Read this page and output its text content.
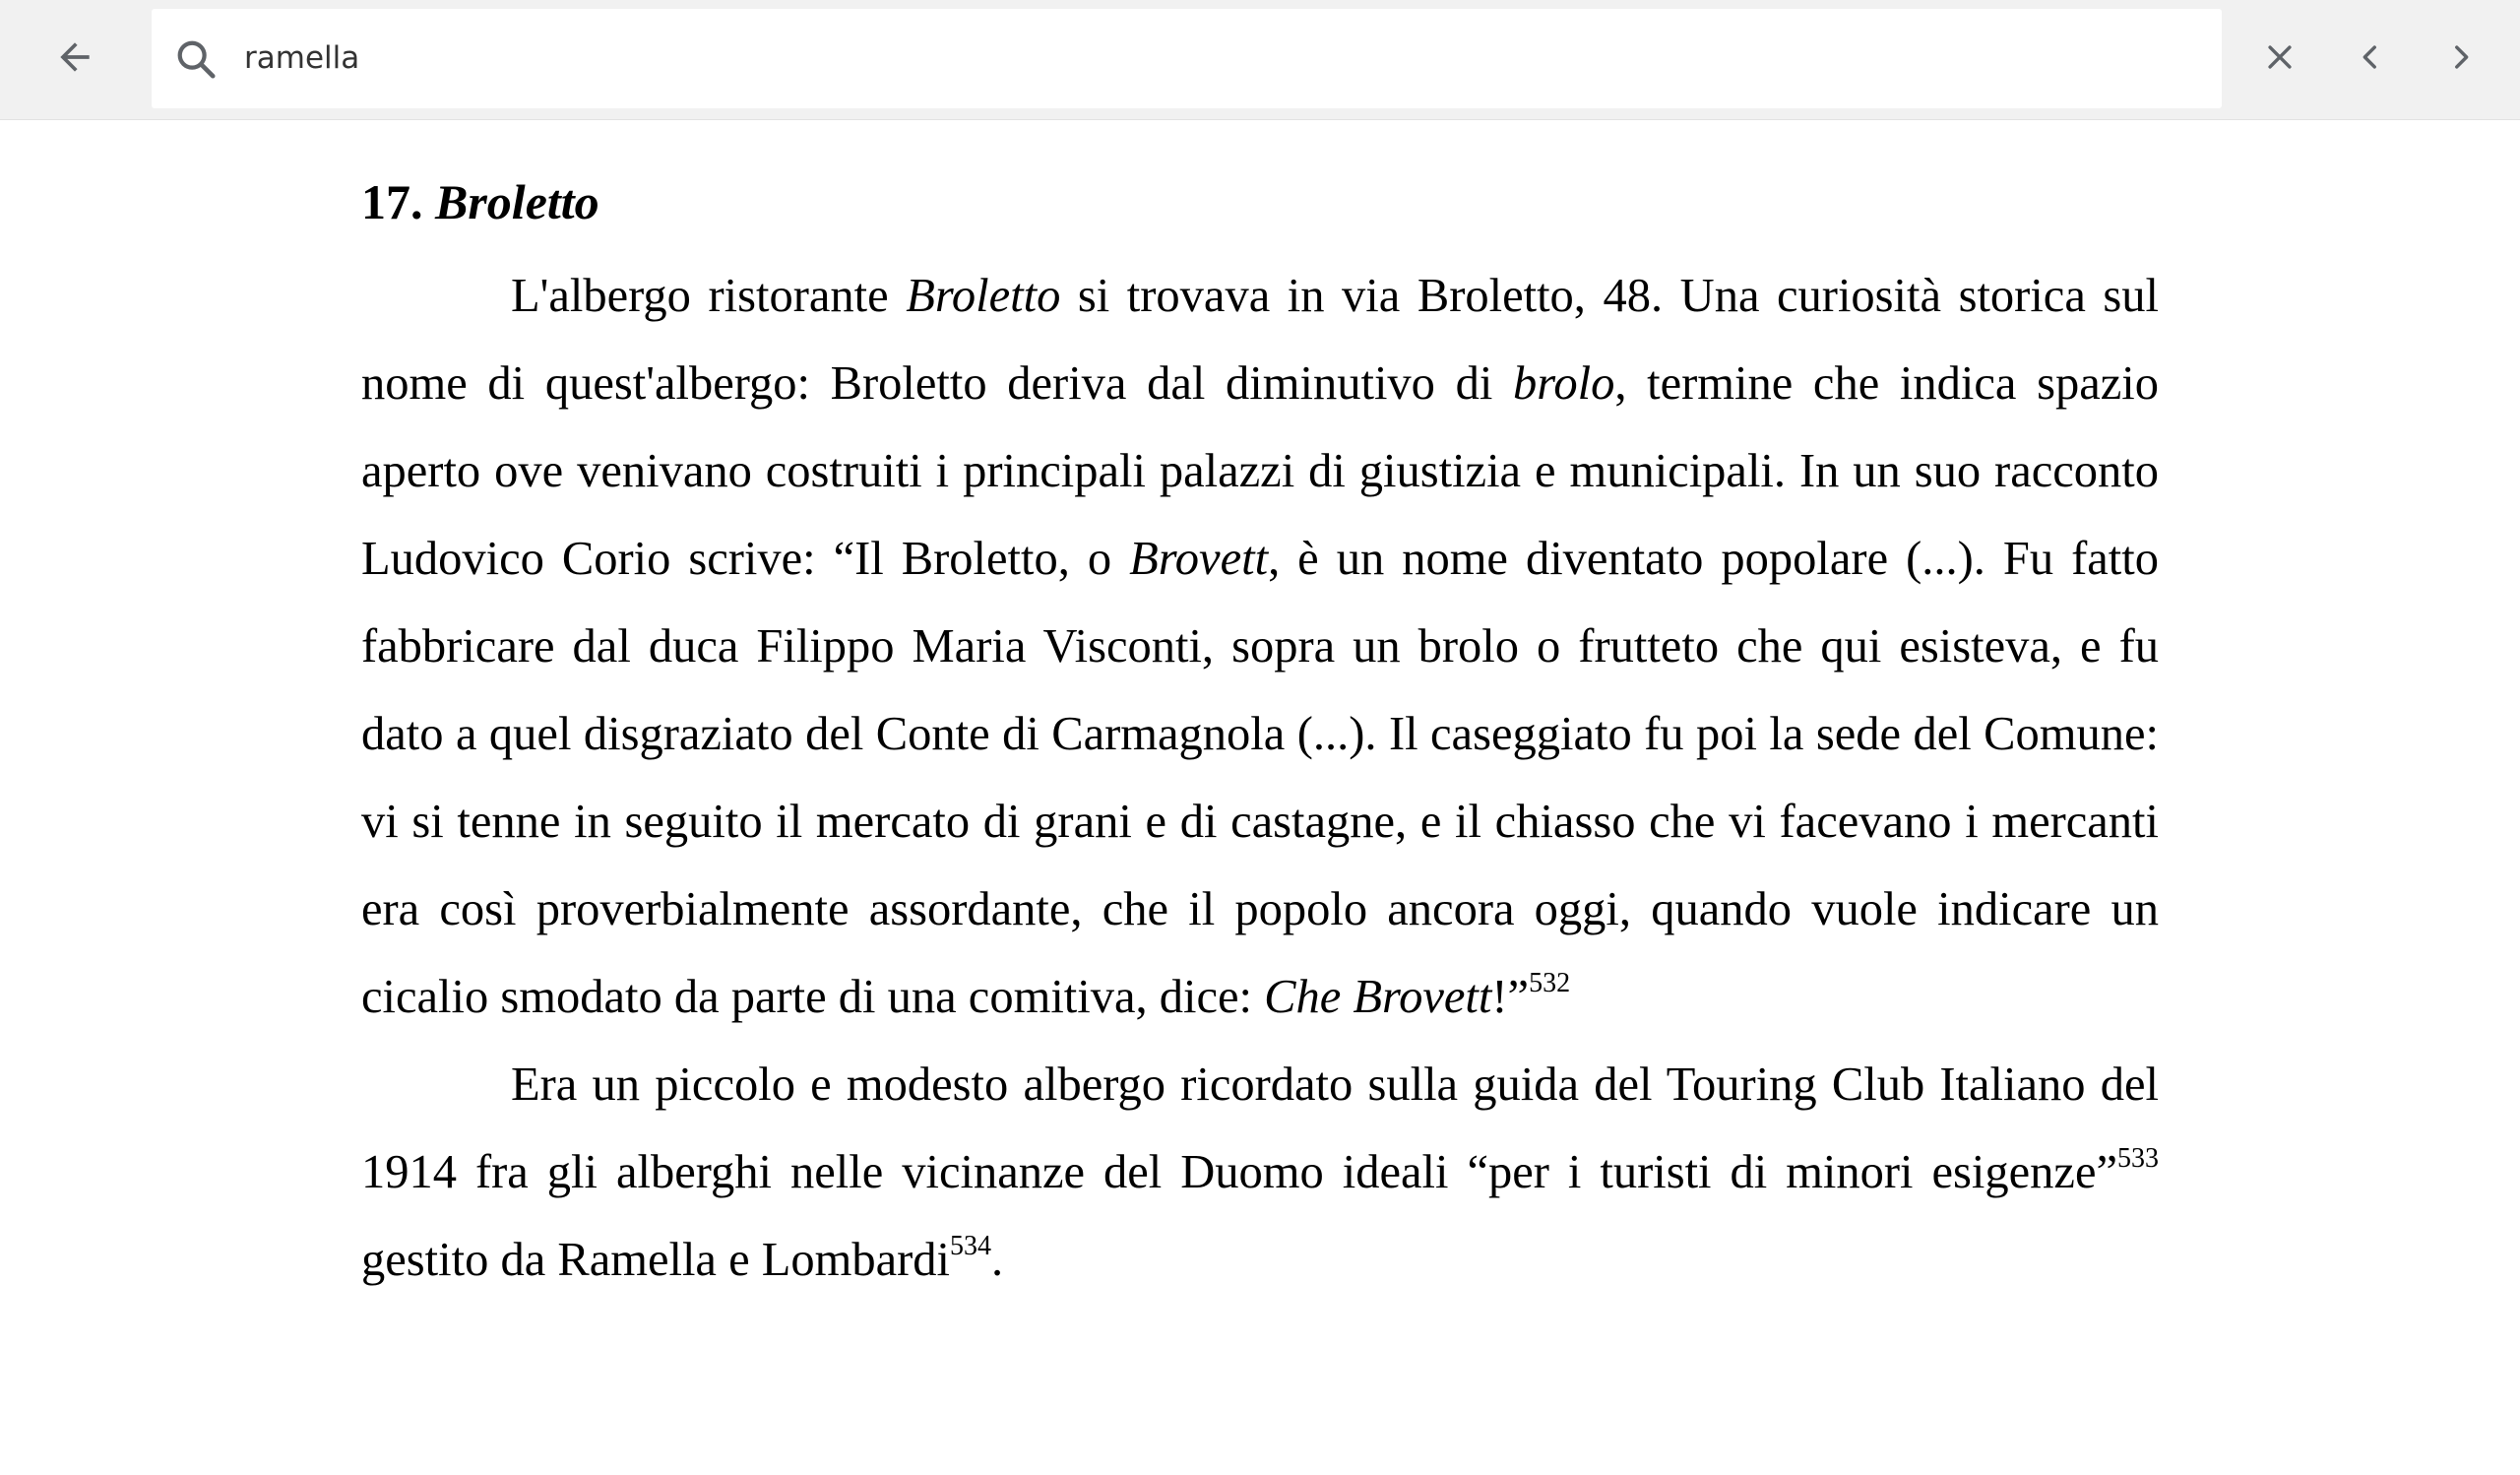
ramella
17. Broletto

L'albergo ristorante Broletto si trovava in via Broletto, 48. Una curiosità storica sul nome di quest'albergo: Broletto deriva dal diminutivo di brolo, termine che indica spazio aperto ove venivano costruiti i principali palazzi di giustizia e municipali. In un suo racconto Ludovico Corio scrive: “Il Broletto, o Brovett, è un nome diventato popolare (...). Fu fatto fabbricare dal duca Filippo Maria Visconti, sopra un brolo o frutteto che qui esisteva, e fu dato a quel disgraziato del Conte di Carmagnola (...). Il caseggiato fu poi la sede del Comune: vi si tenne in seguito il mercato di grani e di castagne, e il chiasso che vi facevano i mercanti era così proverbialmente assordante, che il popolo ancora oggi, quando vuole indicare un cicalio smodato da parte di una comitiva, dice: Che Brovett!”$^{532}$

Era un piccolo e modesto albergo ricordato sulla guida del Touring Club Italiano del 1914 fra gli alberghi nelle vicinanze del Duomo ideali “per i turisti di minori esigenze”$^{533}$ gestito da Ramella e Lombardi$^{534}$.
